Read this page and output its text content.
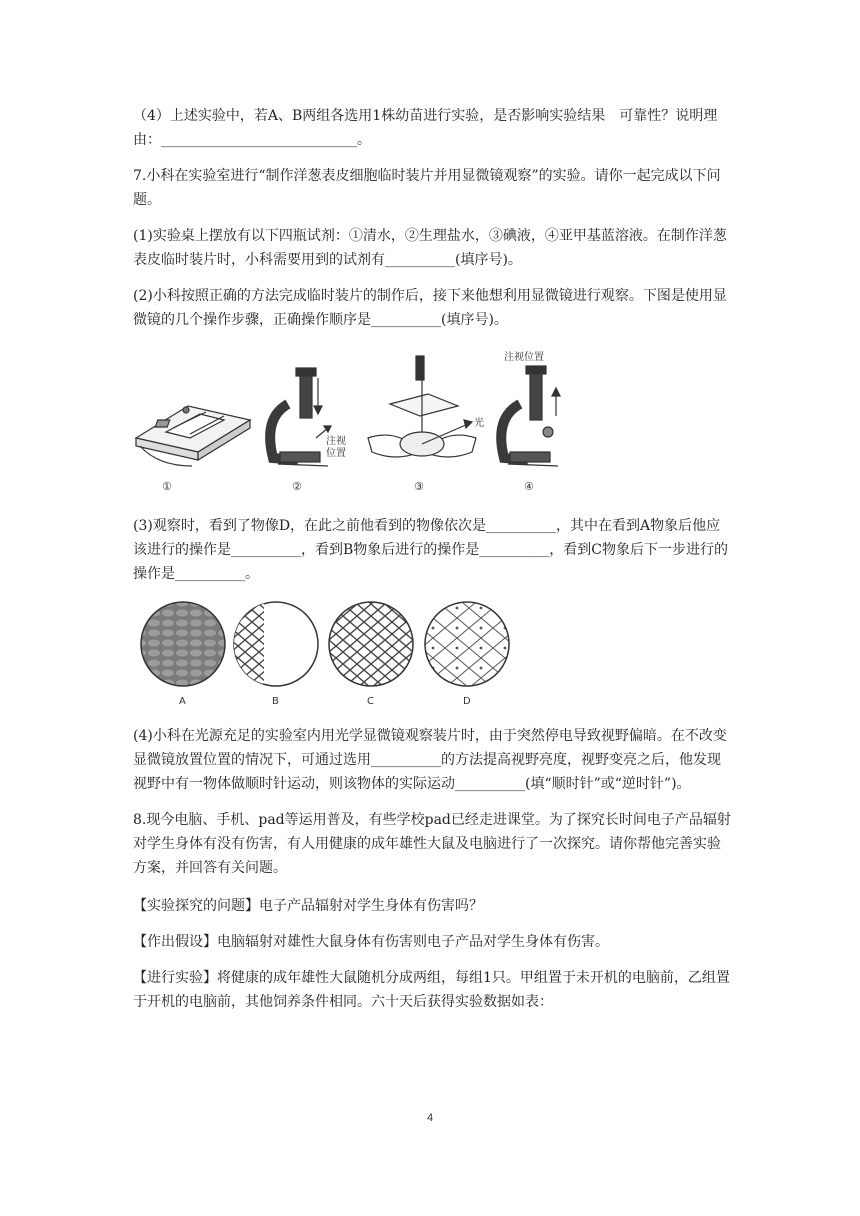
（4）上述实验中，若A、B两组各选用1株幼苗进行实验，是否影响实验结果　可靠性？说明理由：____________________________。

7.小科在实验室进行“制作洋葱表皮细胞临时装片并用显微镜观察”的实验。请你一起完成以下问题。

(1)实验桌上摆放有以下四瓶试剂：①清水，②生理盐水，③碘液，④亚甲基蓝溶液。在制作洋葱表皮临时装片时，小科需要用到的试剂有__________(填序号)。

(2)小科按照正确的方法完成临时装片的制作后，接下来他想利用显微镜进行观察。下图是使用显微镜的几个操作步骤，正确操作顺序是__________(填序号)。

注视
位置
光
注视位置
①	②	③	④

(3)观察时，看到了物像D，在此之前他看到的物像依次是__________，其中在看到A物象后他应该进行的操作是__________，看到B物象后进行的操作是__________，看到C物象后下一步进行的操作是__________。

A	B	C	D

(4)小科在光源充足的实验室内用光学显微镜观察装片时，由于突然停电导致视野偏暗。在不改变显微镜放置位置的情况下，可通过选用__________的方法提高视野亮度，视野变亮之后，他发现视野中有一物体做顺时针运动，则该物体的实际运动__________(填“顺时针”或“逆时针”)。

8.现今电脑、手机、pad等运用普及，有些学校pad已经走进课堂。为了探究长时间电子产品辐射对学生身体有没有伤害，有人用健康的成年雄性大鼠及电脑进行了一次探究。请你帮他完善实验方案，并回答有关问题。

【实验探究的问题】电子产品辐射对学生身体有伤害吗？

【作出假设】电脑辐射对雄性大鼠身体有伤害则电子产品对学生身体有伤害。

【进行实验】将健康的成年雄性大鼠随机分成两组，每组1只。甲组置于未开机的电脑前，乙组置于开机的电脑前，其他饲养条件相同。六十天后获得实验数据如表：

4
